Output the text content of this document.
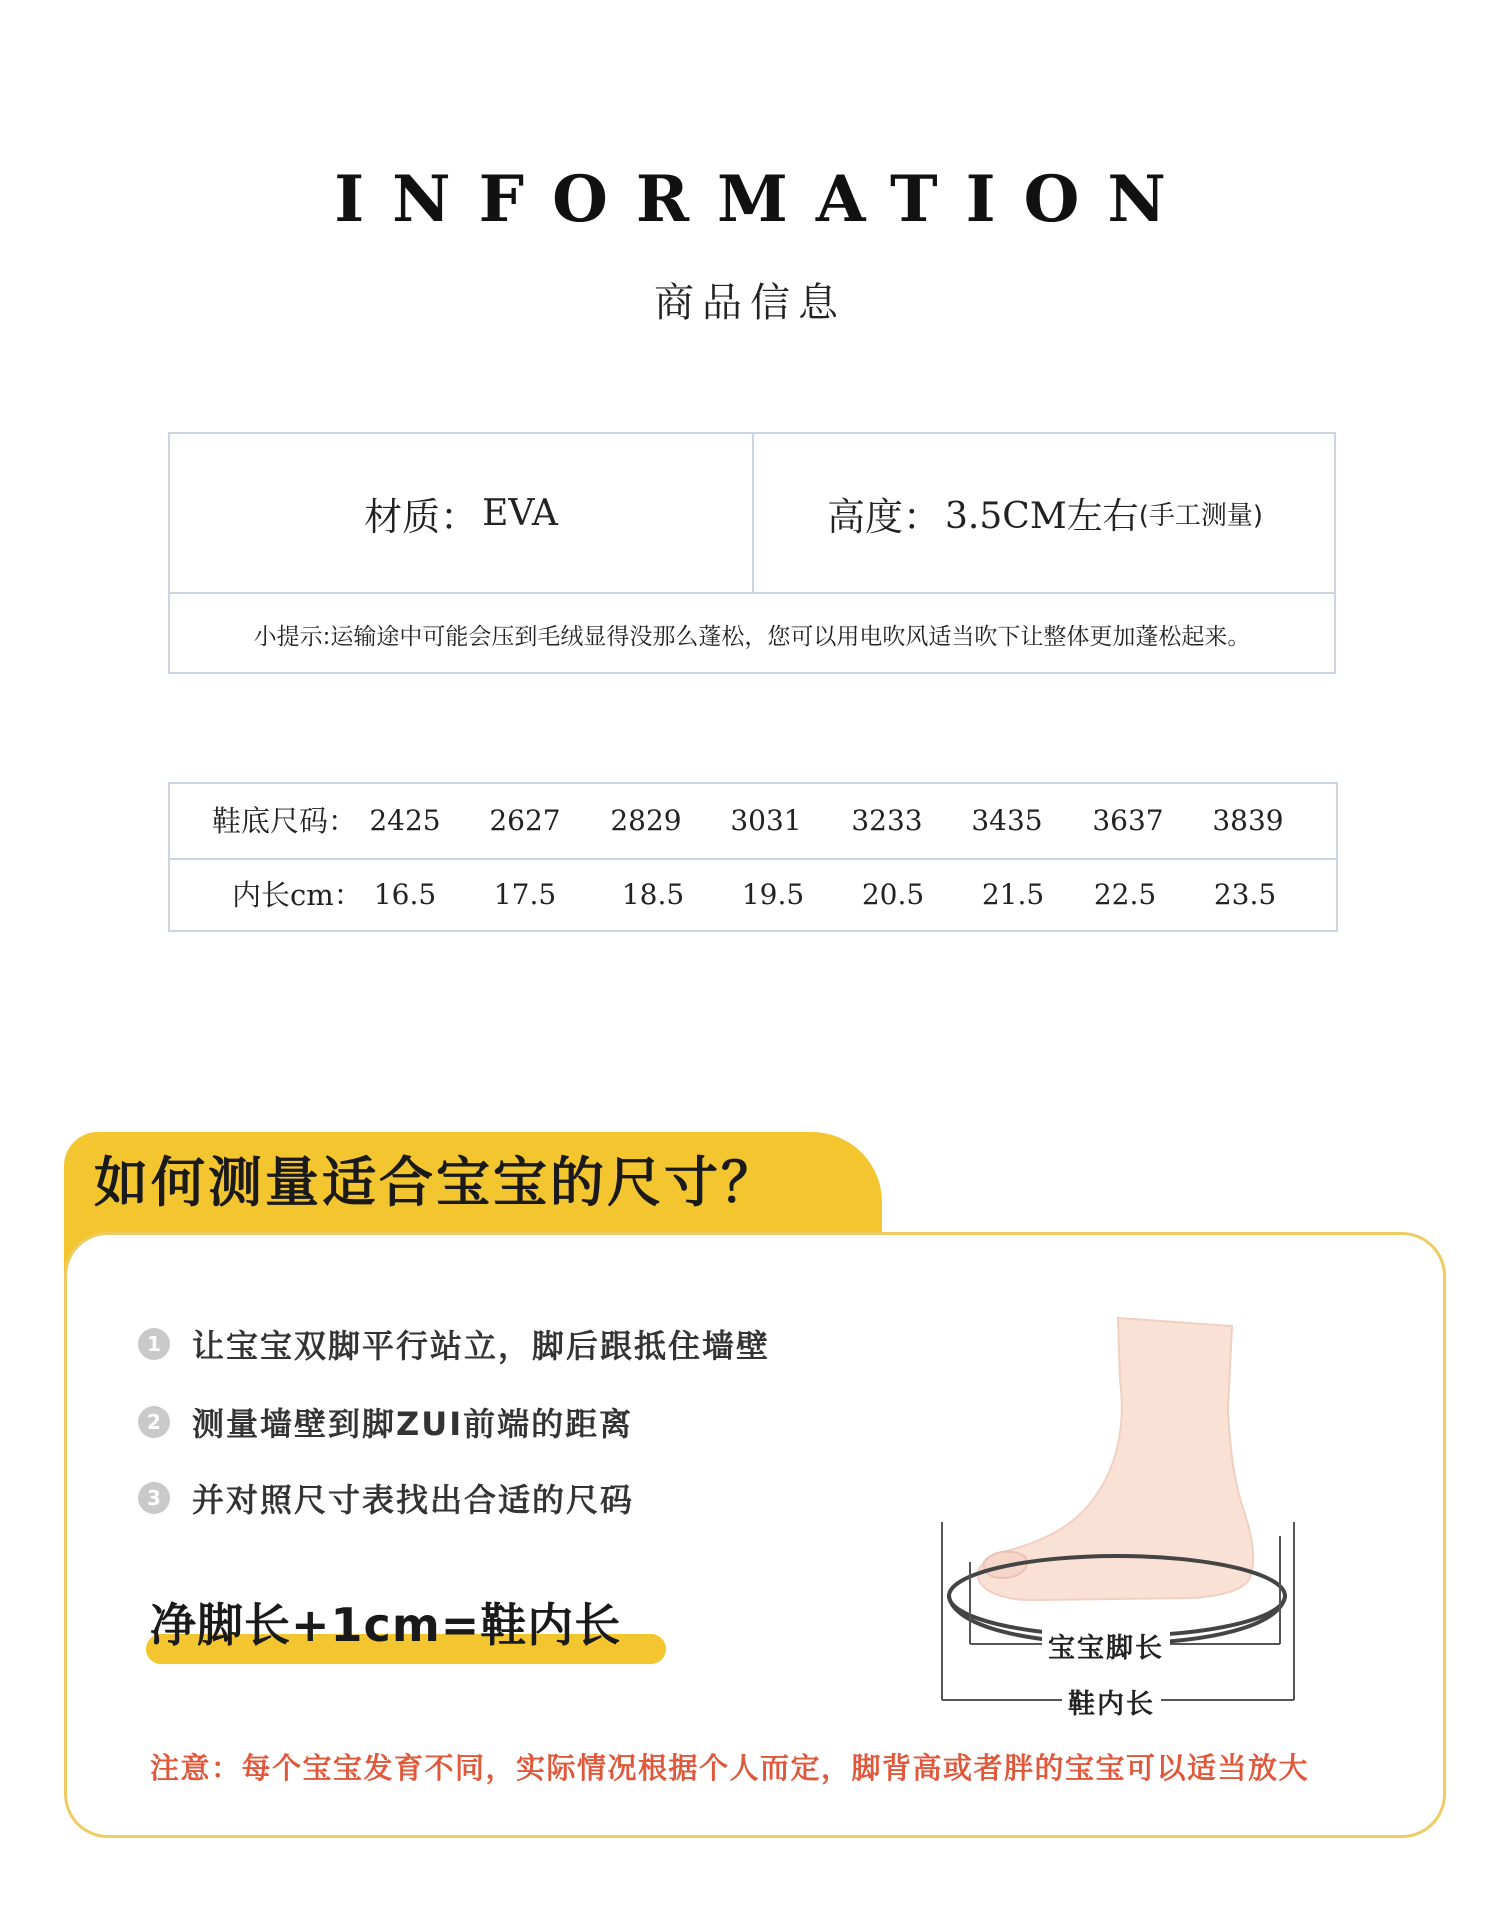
INFORMATION
商品信息
材质： EVA	高度： 3.5CM左右 (手工测量)
小提示:运输途中可能会压到毛绒显得没那么蓬松，您可以用电吹风适当吹下让整体更加蓬松起来。
鞋底尺码： 2425	2627	2829	3031	3233	3435	3637	3839
内长cm： 16.5	17.5	18.5	19.5	20.5	21.5	22.5	23.5
如何测量适合宝宝的尺寸？
1 让宝宝双脚平行站立，脚后跟抵住墙壁
2 测量墙壁到脚ZUI前端的距离
3 并对照尺寸表找出合适的尺码
净脚长+1cm=鞋内长	宝宝脚长
鞋内长
注意：每个宝宝发育不同，实际情况根据个人而定，脚背高或者胖的宝宝可以适当放大
